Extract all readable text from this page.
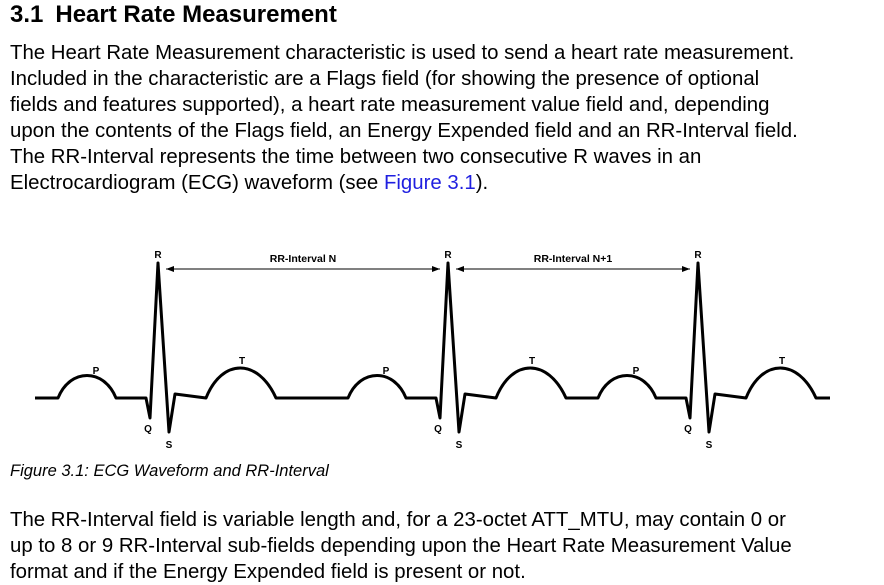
3.1 Heart Rate Measurement

The Heart Rate Measurement characteristic is used to send a heart rate measurement.
Included in the characteristic are a Flags field (for showing the presence of optional
fields and features supported), a heart rate measurement value field and, depending
upon the contents of the Flags field, an Energy Expended field and an RR-Interval field.
The RR-Interval represents the time between two consecutive R waves in an
Electrocardiogram (ECG) waveform (see Figure 3.1).

R
P
Q
S
T
R
P
Q
S
T
R
P
Q
S
T
RR-Interval N	RR-Interval N+1

Figure 3.1: ECG Waveform and RR-Interval

The RR-Interval field is variable length and, for a 23-octet ATT_MTU, may contain 0 or
up to 8 or 9 RR-Interval sub-fields depending upon the Heart Rate Measurement Value
format and if the Energy Expended field is present or not.
